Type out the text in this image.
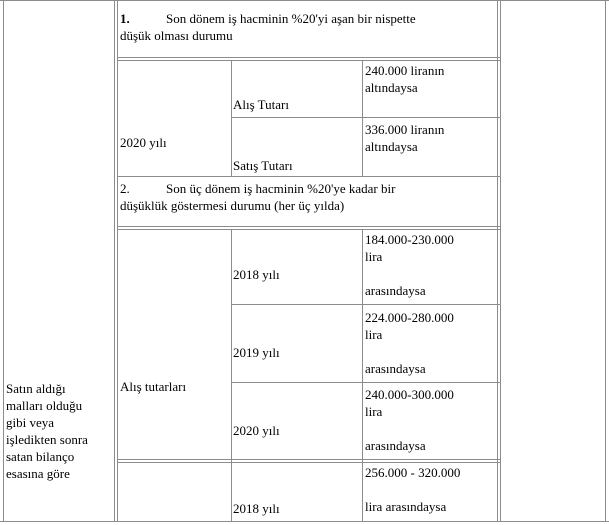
Satın aldığı
malları olduğu
gibi veya
işledikten sonra
satan bilanço
esasına göre
1.	Son dönem iş hacminin %20'yi aşan bir nispette
düşük olması durumu
2020 yılı
Alış Tutarı
240.000 liranın
altındaysa
Satış Tutarı
336.000 liranın
altındaysa
2.	Son üç dönem iş hacminin %20'ye kadar bir
düşüklük göstermesi durumu (her üç yılda)
Alış tutarları
2018 yılı
184.000-230.000
lira

arasındaysa
2019 yılı
224.000-280.000
lira

arasındaysa
2020 yılı
240.000-300.000
lira

arasındaysa
2018 yılı
256.000 - 320.000

lira arasındaysa
